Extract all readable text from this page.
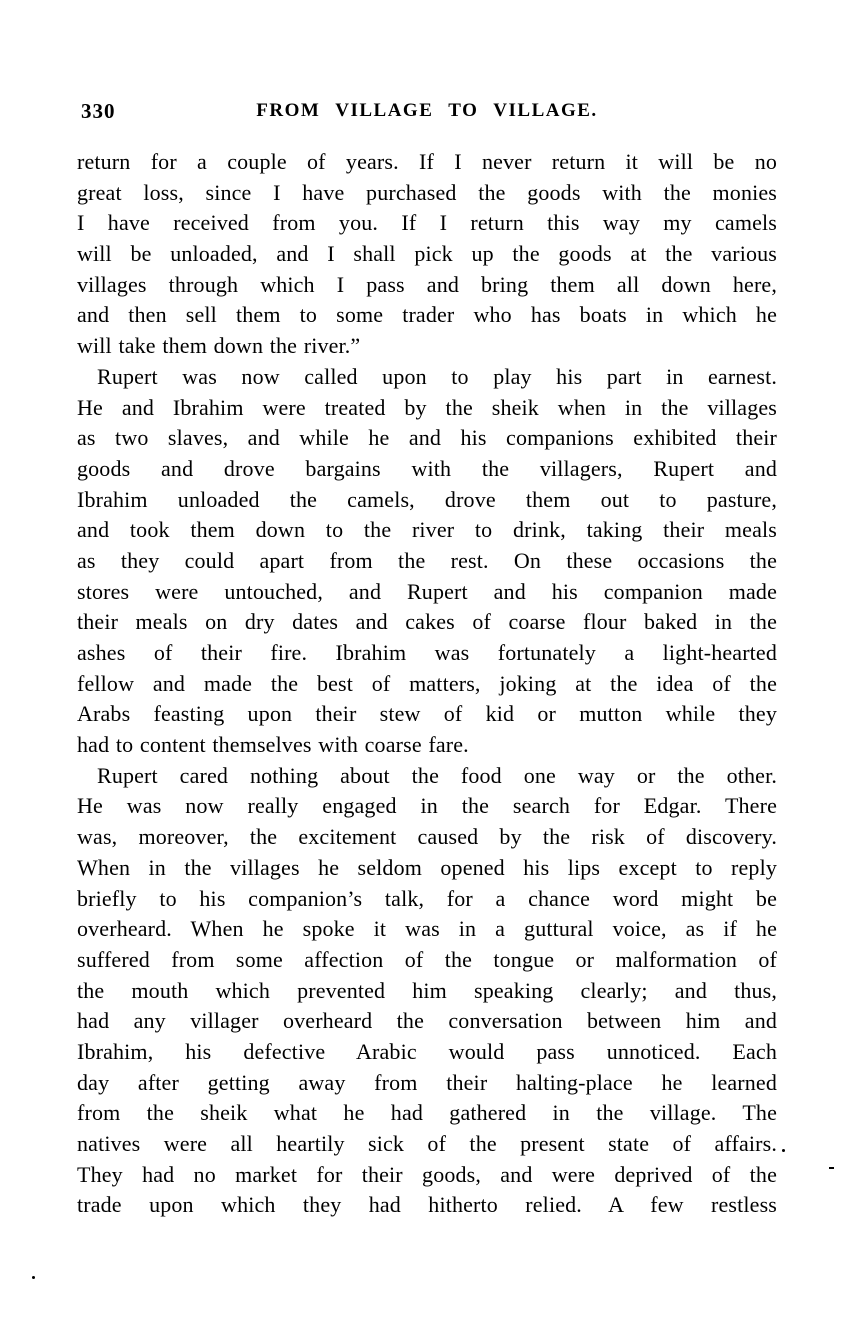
330	FROM VILLAGE TO VILLAGE.
return for a couple of years. If I never return it will be no
great loss, since I have purchased the goods with the monies
I have received from you. If I return this way my camels
will be unloaded, and I shall pick up the goods at the various
villages through which I pass and bring them all down here,
and then sell them to some trader who has boats in which he
will take them down the river.”
Rupert was now called upon to play his part in earnest.
He and Ibrahim were treated by the sheik when in the villages
as two slaves, and while he and his companions exhibited their
goods and drove bargains with the villagers, Rupert and
Ibrahim unloaded the camels, drove them out to pasture,
and took them down to the river to drink, taking their meals
as they could apart from the rest. On these occasions the
stores were untouched, and Rupert and his companion made
their meals on dry dates and cakes of coarse flour baked in the
ashes of their fire. Ibrahim was fortunately a light-hearted
fellow and made the best of matters, joking at the idea of the
Arabs feasting upon their stew of kid or mutton while they
had to content themselves with coarse fare.
Rupert cared nothing about the food one way or the other.
He was now really engaged in the search for Edgar. There
was, moreover, the excitement caused by the risk of discovery.
When in the villages he seldom opened his lips except to reply
briefly to his companion’s talk, for a chance word might be
overheard. When he spoke it was in a guttural voice, as if he
suffered from some affection of the tongue or malformation of
the mouth which prevented him speaking clearly; and thus,
had any villager overheard the conversation between him and
Ibrahim, his defective Arabic would pass unnoticed. Each
day after getting away from their halting-place he learned
from the sheik what he had gathered in the village. The
natives were all heartily sick of the present state of affairs.
They had no market for their goods, and were deprived of the
trade upon which they had hitherto relied. A few restless
